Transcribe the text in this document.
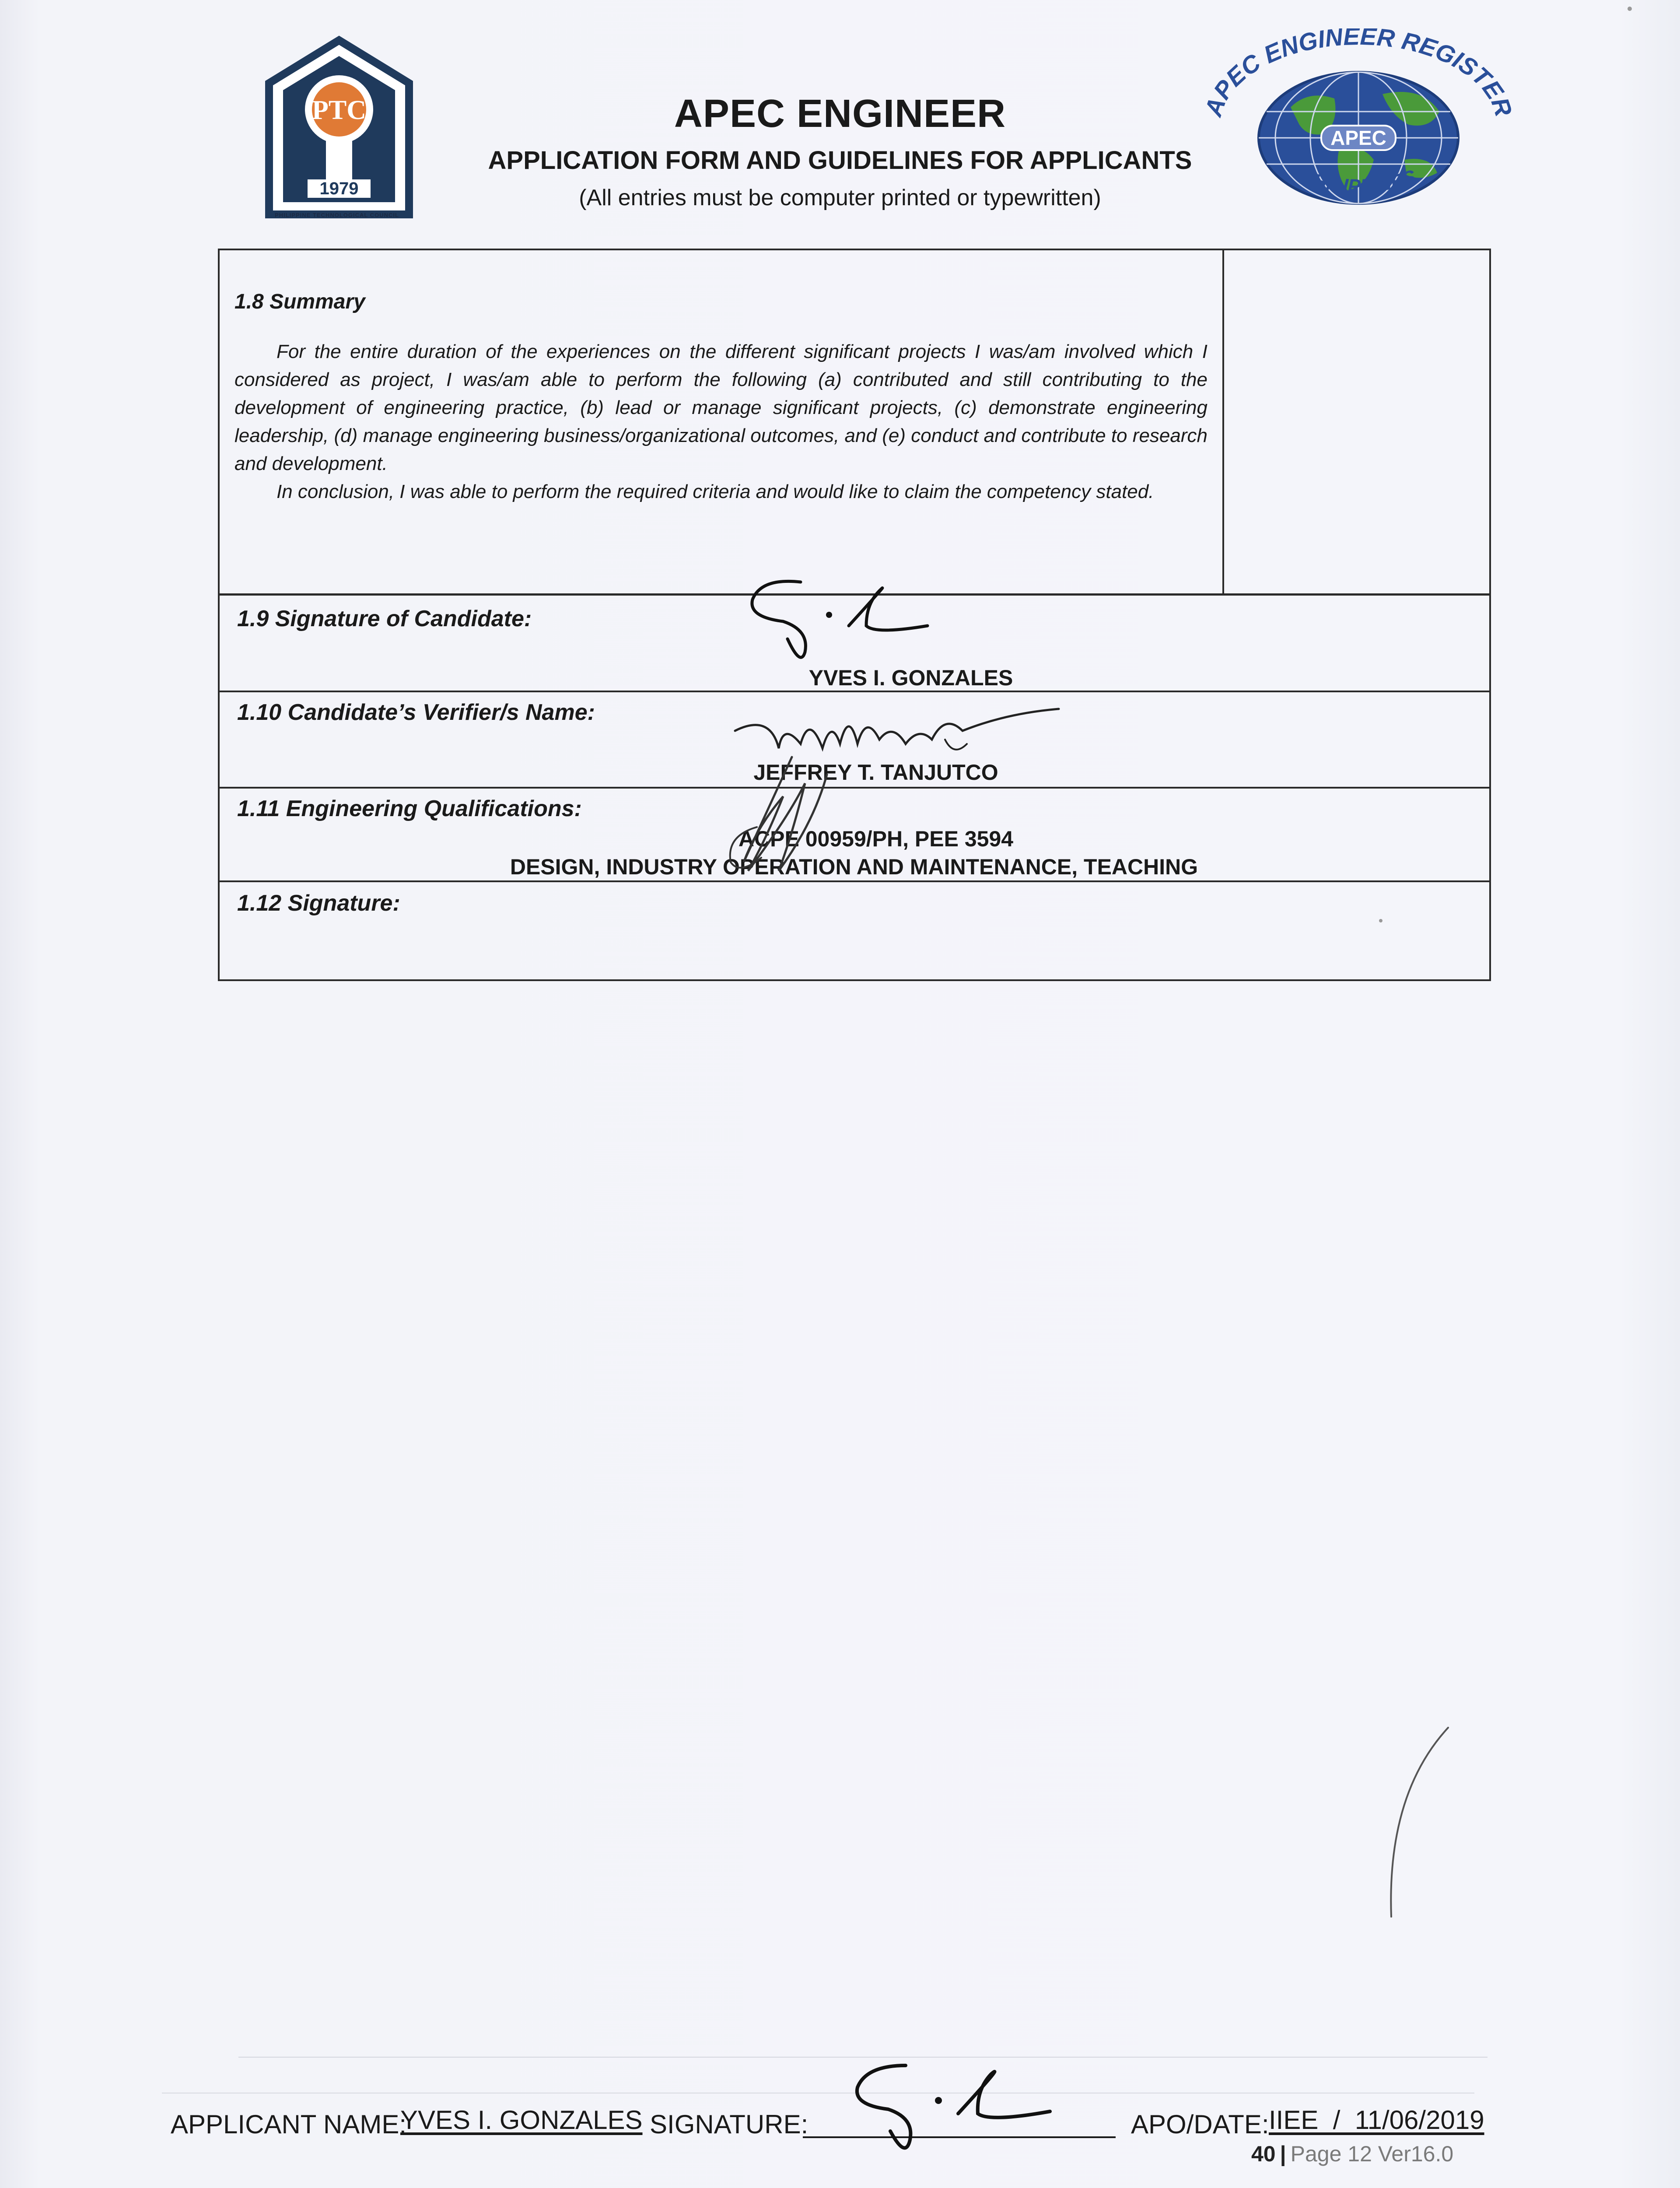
PTC
1979
PHILIPPINE TECHNOLOGICAL COUNCIL
APEC ENGINEER
APPLICATION FORM AND GUIDELINES FOR APPLICANTS
(All entries must be computer printed or typewritten)
APEC ENGINEER REGISTER
APEC
PHILIPPINES
1.8 Summary

For the entire duration of the experiences on the different significant projects I was/am involved which I considered as project, I was/am able to perform the following (a) contributed and still contributing to the development of engineering practice, (b) lead or manage significant projects, (c) demonstrate engineering leadership, (d) manage engineering business/organizational outcomes, and (e) conduct and contribute to research and development.

In conclusion, I was able to perform the required criteria and would like to claim the competency stated.

1.9 Signature of Candidate:
YVES I. GONZALES
1.10 Candidate’s Verifier/s Name:
JEFFREY T. TANJUTCO
1.11 Engineering Qualifications:
ACPE 00959/PH, PEE 3594
DESIGN, INDUSTRY OPERATION AND MAINTENANCE, TEACHING
1.12 Signature:
APPLICANT NAME:
YVES I. GONZALES SIGNATURE:	APO/DATE: IIEE  /  11/06/2019
40 | Page 12 Ver16.0
